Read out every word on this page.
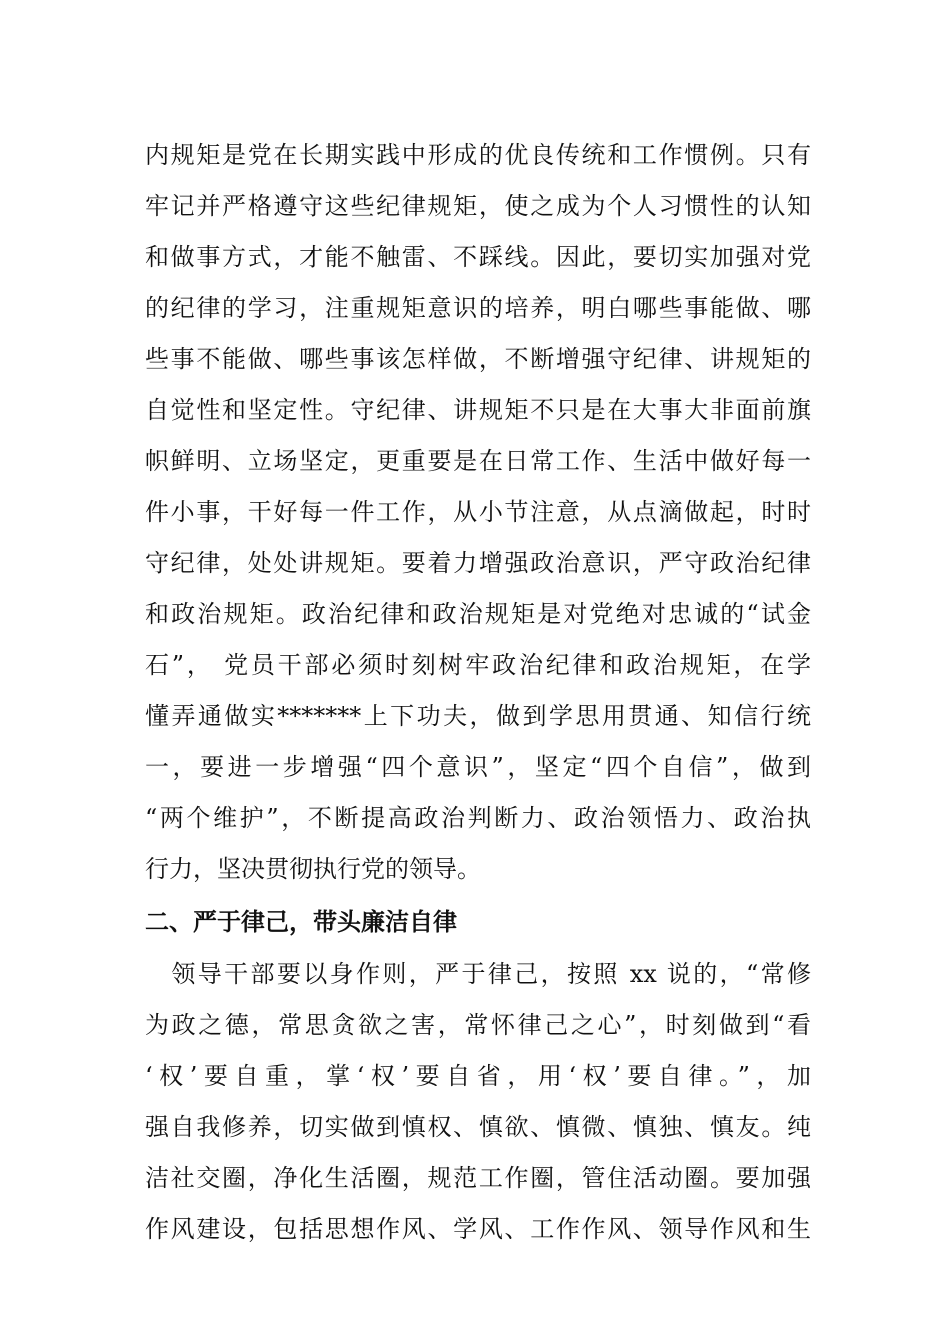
内规矩是党在长期实践中形成的优良传统和工作惯例。只有
牢记并严格遵守这些纪律规矩，使之成为个人习惯性的认知
和做事方式，才能不触雷、不踩线。因此，要切实加强对党
的纪律的学习，注重规矩意识的培养，明白哪些事能做、哪
些事不能做、哪些事该怎样做，不断增强守纪律、讲规矩的
自觉性和坚定性。守纪律、讲规矩不只是在大事大非面前旗
帜鲜明、立场坚定，更重要是在日常工作、生活中做好每一
件小事，干好每一件工作，从小节注意，从点滴做起，时时
守纪律，处处讲规矩。要着力增强政治意识，严守政治纪律
和政治规矩。政治纪律和政治规矩是对党绝对忠诚的“试金
石”， 党员干部必须时刻树牢政治纪律和政治规矩，在学
懂弄通做实*******上下功夫，做到学思用贯通、知信行统
一，要进一步增强“四个意识”，坚定“四个自信”，做到
“两个维护”，不断提高政治判断力、政治领悟力、政治执
行力，坚决贯彻执行党的领导。
二、严于律己，带头廉洁自律
　领导干部要以身作则，严于律己，按照 xx 说的，“常修
为政之德，常思贪欲之害，常怀律己之心”，时刻做到“看
‘权’要自重，掌‘权’要自省，用‘权’要自律。”，加
强自我修养，切实做到慎权、慎欲、慎微、慎独、慎友。纯
洁社交圈，净化生活圈，规范工作圈，管住活动圈。要加强
作风建设，包括思想作风、学风、工作作风、领导作风和生
